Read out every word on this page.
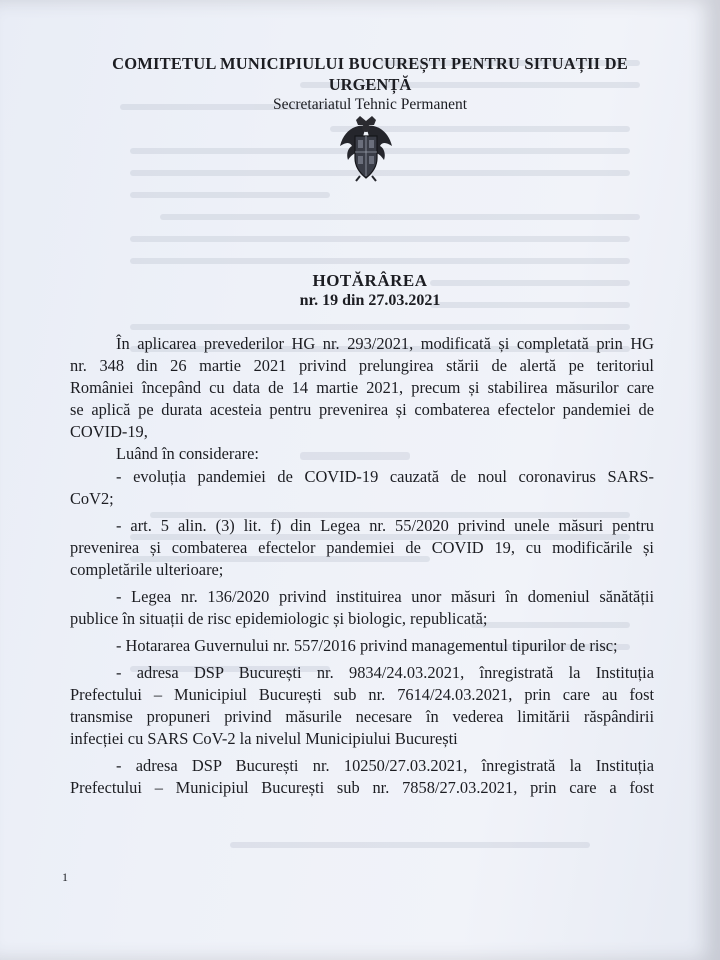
COMITETUL MUNICIPIULUI BUCUREȘTI PENTRU SITUAȚII DE
URGENȚĂ
Secretariatul Tehnic Permanent
HOTĂRÂREA
nr. 19 din 27.03.2021
În aplicarea prevederilor HG nr. 293/2021, modificată și completată prin HG
nr. 348 din 26 martie 2021 privind prelungirea stării de alertă pe teritoriul
României începând cu data de 14 martie 2021, precum și stabilirea măsurilor care
se aplică pe durata acesteia pentru prevenirea și combaterea efectelor pandemiei de
COVID-19,
Luând în considerare:
- evoluția pandemiei de COVID-19 cauzată de noul coronavirus SARS-
CoV2;
- art. 5 alin. (3) lit. f) din Legea nr. 55/2020 privind unele măsuri pentru
prevenirea și combaterea efectelor pandemiei de COVID 19, cu modificările și
completările ulterioare;
- Legea nr. 136/2020 privind instituirea unor măsuri în domeniul sănătății
publice în situații de risc epidemiologic și biologic, republicată;
- Hotararea Guvernului nr. 557/2016 privind managementul tipurilor de risc;
- adresa DSP București nr. 9834/24.03.2021, înregistrată la Instituția
Prefectului – Municipiul București sub nr. 7614/24.03.2021, prin care au fost
transmise propuneri privind măsurile necesare în vederea limitării răspândirii
infecției cu SARS CoV-2 la nivelul Municipiului București
- adresa DSP București nr. 10250/27.03.2021, înregistrată la Instituția
Prefectului – Municipiul București sub nr. 7858/27.03.2021, prin care a fost
1
